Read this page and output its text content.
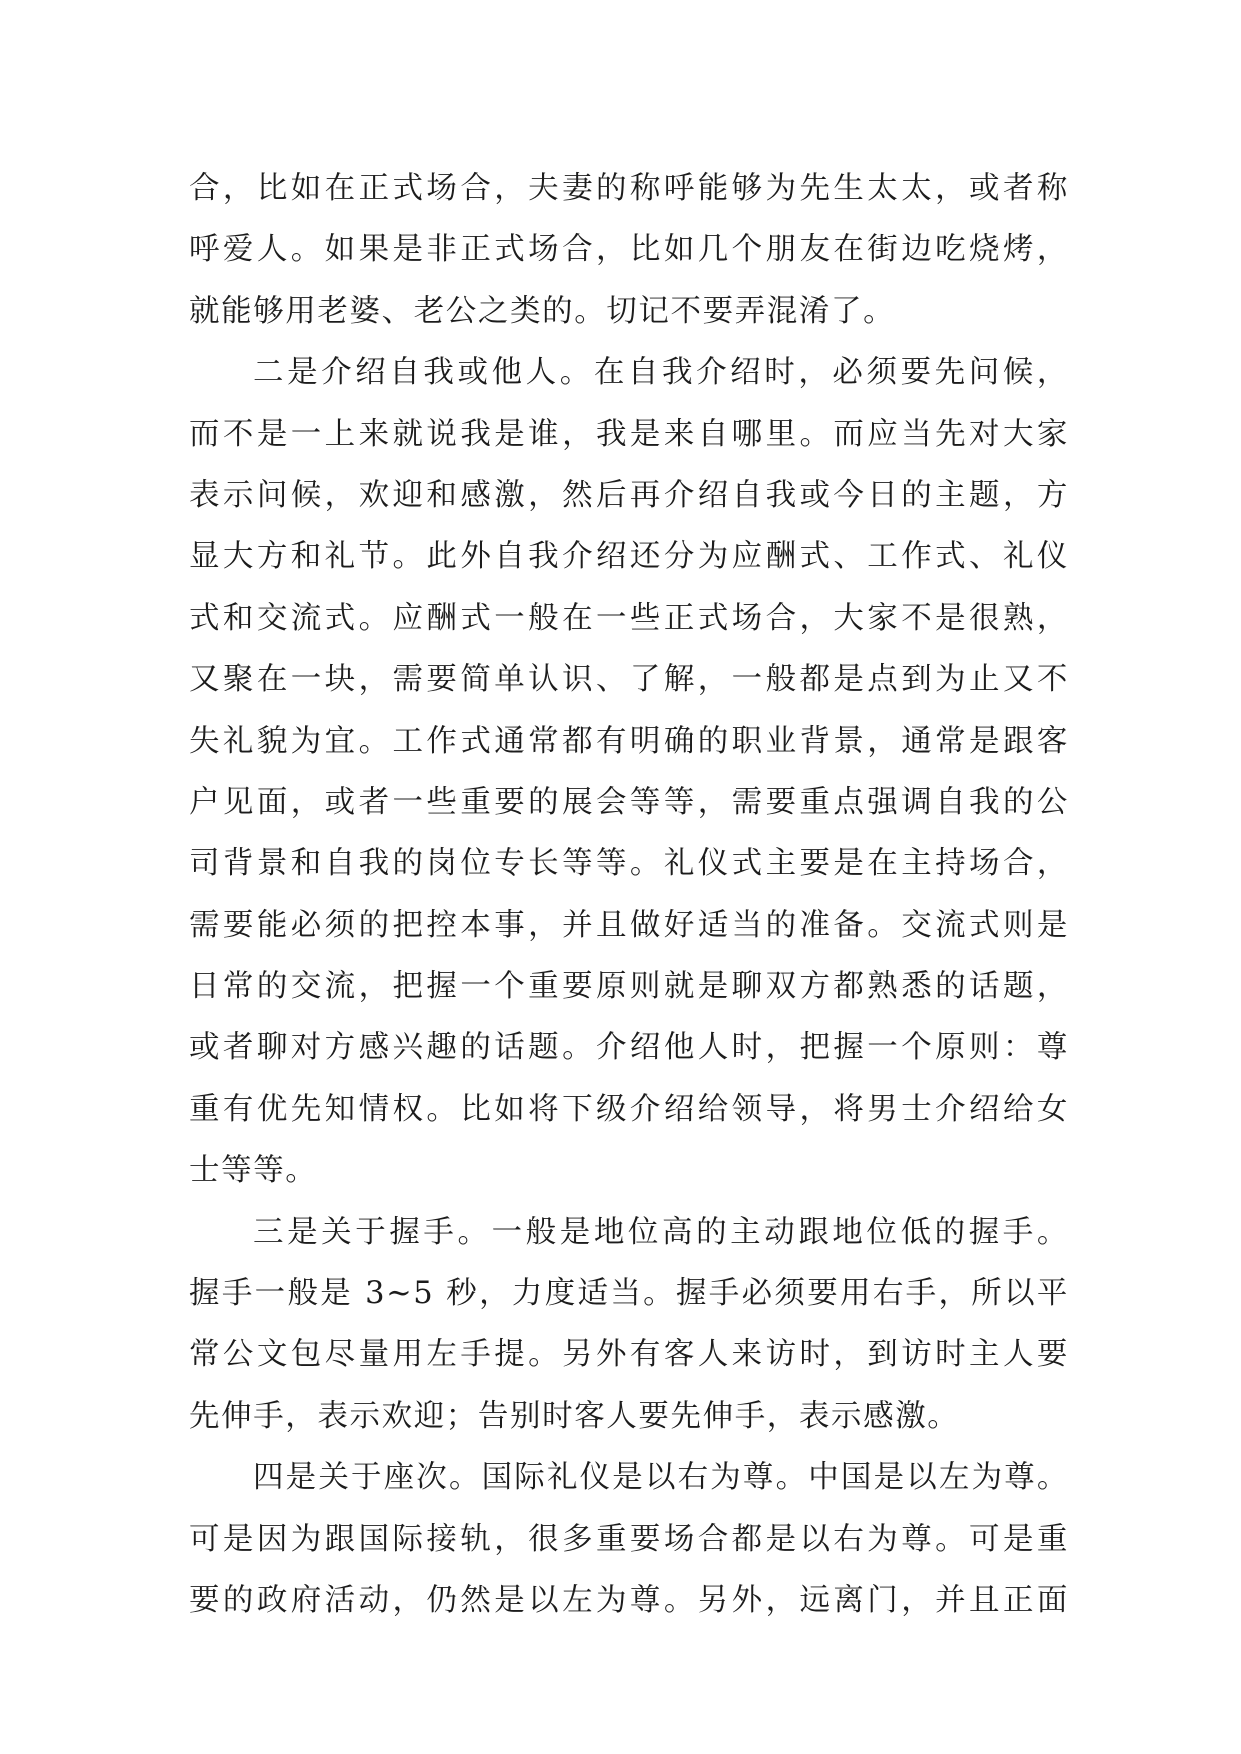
合，比如在正式场合，夫妻的称呼能够为先生太太，或者称
呼爱人。如果是非正式场合，比如几个朋友在街边吃烧烤，
就能够用老婆、老公之类的。切记不要弄混淆了。
二是介绍自我或他人。在自我介绍时，必须要先问候，
而不是一上来就说我是谁，我是来自哪里。而应当先对大家
表示问候，欢迎和感激，然后再介绍自我或今日的主题，方
显大方和礼节。此外自我介绍还分为应酬式、工作式、礼仪
式和交流式。应酬式一般在一些正式场合，大家不是很熟，
又聚在一块，需要简单认识、了解，一般都是点到为止又不
失礼貌为宜。工作式通常都有明确的职业背景，通常是跟客
户见面，或者一些重要的展会等等，需要重点强调自我的公
司背景和自我的岗位专长等等。礼仪式主要是在主持场合，
需要能必须的把控本事，并且做好适当的准备。交流式则是
日常的交流，把握一个重要原则就是聊双方都熟悉的话题，
或者聊对方感兴趣的话题。介绍他人时，把握一个原则：尊
重有优先知情权。比如将下级介绍给领导，将男士介绍给女
士等等。
三是关于握手。一般是地位高的主动跟地位低的握手。
握手一般是 3~5 秒，力度适当。握手必须要用右手，所以平
常公文包尽量用左手提。另外有客人来访时，到访时主人要
先伸手，表示欢迎；告别时客人要先伸手，表示感激。
四是关于座次。国际礼仪是以右为尊。中国是以左为尊。
可是因为跟国际接轨，很多重要场合都是以右为尊。可是重
要的政府活动，仍然是以左为尊。另外，远离门，并且正面
